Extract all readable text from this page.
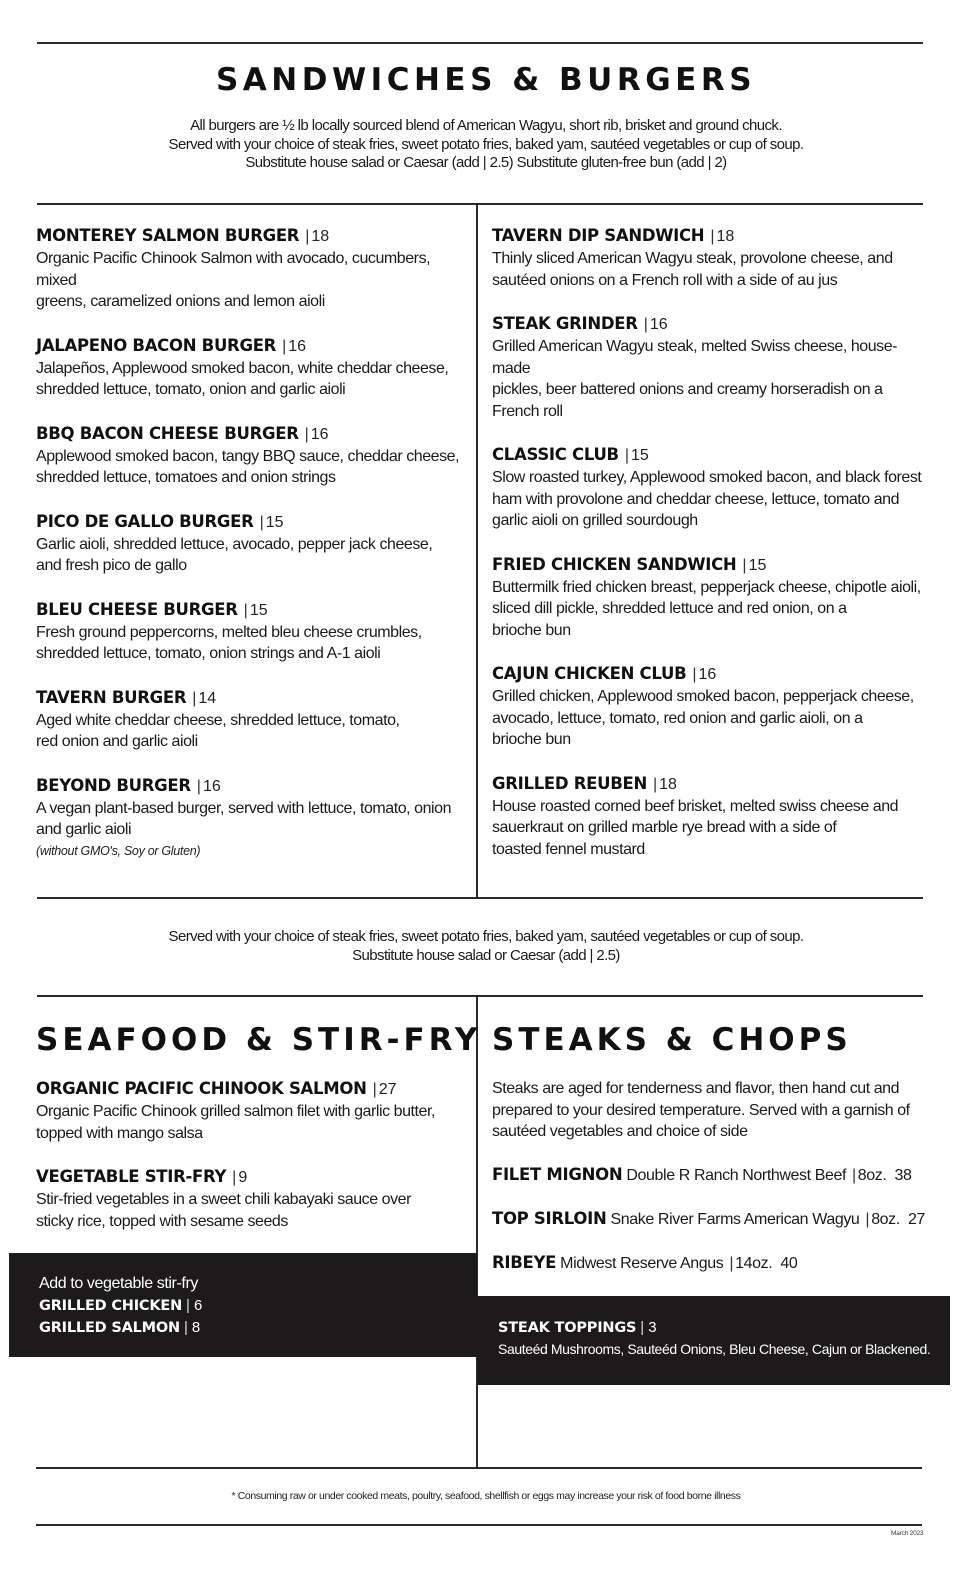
SANDWICHES & BURGERS
All burgers are ½ lb locally sourced blend of American Wagyu, short rib, brisket and ground chuck.
Served with your choice of steak fries, sweet potato fries, baked yam, sautéed vegetables or cup of soup.
Substitute house salad or Caesar (add | 2.5) Substitute gluten-free bun (add | 2)
MONTEREY SALMON BURGER | 18
Organic Pacific Chinook Salmon with avocado, cucumbers, mixed
greens, caramelized onions and lemon aioli
JALAPENO BACON BURGER | 16
Jalapeños, Applewood smoked bacon, white cheddar cheese,
shredded lettuce, tomato, onion and garlic aioli
BBQ BACON CHEESE BURGER | 16
Applewood smoked bacon, tangy BBQ sauce, cheddar cheese,
shredded lettuce, tomatoes and onion strings
PICO DE GALLO BURGER | 15
Garlic aioli, shredded lettuce, avocado, pepper jack cheese,
and fresh pico de gallo
BLEU CHEESE BURGER | 15
Fresh ground peppercorns, melted bleu cheese crumbles,
shredded lettuce, tomato, onion strings and A-1 aioli
TAVERN BURGER | 14
Aged white cheddar cheese, shredded lettuce, tomato,
red onion and garlic aioli
BEYOND BURGER | 16
A vegan plant-based burger, served with lettuce, tomato, onion
and garlic aioli
(without GMO's, Soy or Gluten)
TAVERN DIP SANDWICH | 18
Thinly sliced American Wagyu steak, provolone cheese, and
sautéed onions on a French roll with a side of au jus
STEAK GRINDER | 16
Grilled American Wagyu steak, melted Swiss cheese, house-made
pickles, beer battered onions and creamy horseradish on a
French roll
CLASSIC CLUB | 15
Slow roasted turkey, Applewood smoked bacon, and black forest
ham with provolone and cheddar cheese, lettuce, tomato and
garlic aioli on grilled sourdough
FRIED CHICKEN SANDWICH | 15
Buttermilk fried chicken breast, pepperjack cheese, chipotle aioli,
sliced dill pickle, shredded lettuce and red onion, on a
brioche bun
CAJUN CHICKEN CLUB | 16
Grilled chicken, Applewood smoked bacon, pepperjack cheese,
avocado, lettuce, tomato, red onion and garlic aioli, on a
brioche bun
GRILLED REUBEN | 18
House roasted corned beef brisket, melted swiss cheese and
sauerkraut on grilled marble rye bread with a side of
toasted fennel mustard
Served with your choice of steak fries, sweet potato fries, baked yam, sautéed vegetables or cup of soup.
Substitute house salad or Caesar (add | 2.5)
SEAFOOD & STIR-FRY
ORGANIC PACIFIC CHINOOK SALMON | 27
Organic Pacific Chinook grilled salmon filet with garlic butter,
topped with mango salsa
VEGETABLE STIR-FRY | 9
Stir-fried vegetables in a sweet chili kabayaki sauce over
sticky rice, topped with sesame seeds
Add to vegetable stir-fry
GRILLED CHICKEN | 6
GRILLED SALMON | 8
STEAKS & CHOPS
Steaks are aged for tenderness and flavor, then hand cut and
prepared to your desired temperature. Served with a garnish of
sautéed vegetables and choice of side
FILET MIGNON Double R Ranch Northwest Beef | 8oz. 38
TOP SIRLOIN Snake River Farms American Wagyu | 8oz. 27
RIBEYE Midwest Reserve Angus | 14oz. 40
STEAK TOPPINGS | 3
Sauteéd Mushrooms, Sauteéd Onions, Bleu Cheese, Cajun or Blackened.
* Consuming raw or under cooked meats, poultry, seafood, shellfish or eggs may increase your risk of food borne illness
March 2023
